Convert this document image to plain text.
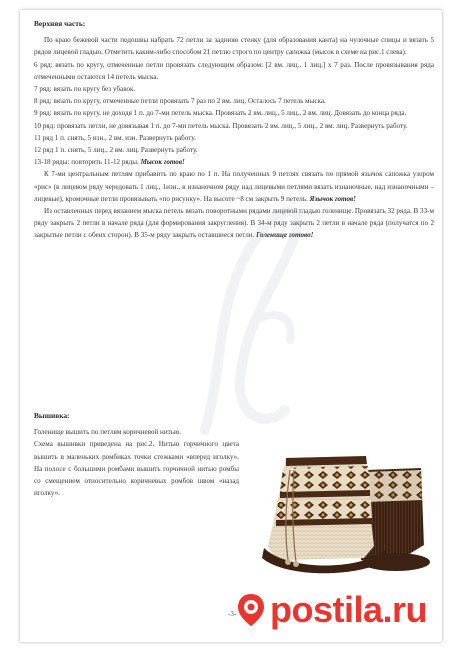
Верхняя часть:

По краю бежевой части подошвы набрать 72 петли за заднюю стенку (для образования канта) на чулочные спицы и вязать 5 рядов лицевой гладью. Отметить каким-либо способом 21 петлю строго по центру сапожка (мысок в схеме на рис.1 слева).

6 ряд: вязать по кругу, отмеченные петли провязать следующим образом: [2 вм. лиц., 1 лиц.] х 7 раз. После провязывания ряда отмеченными остаются 14 петель мыска.

7 ряд: вязать по кругу без убавок.

8 ряд: вязать по кругу, отмеченные петли провязать 7 раз по 2 вм. лиц. Осталось 7 петель мыска.

9 ряд: вязать по кругу, не доходя 1 п. до 7-ми петель мыска. Провязать 2 вм. лиц., 5 лиц., 2 вм. лиц. Довязать до конца ряда.

10 ряд: провязать петли, не довязывая 1 п. до 7-ми петель мыска. Провязать 2 вм. лиц., 5 лиц., 2 вм. лиц. Развернуть работу.

11 ряд 1 п. снять, 5 изн., 2 вм. изн. Развернуть работу.

12 ряд 1 п. снять, 5 лиц., 2 вм. лиц. Развернуть работу.

13-18 ряды: повторить 11-12 ряды. Мысок готов!

К 7-ми центральным петлям прибавить по краю по 1 п. На полученных 9 петлях связать по прямой язычок сапожка узором «рис» (в лицевом ряду чередовать 1 лиц., 1изн., в изнаночном ряду над лицевыми петлями вязать изнаночные, над изнаночными – лицевые), кромочные петли провязывать «по рисунку». На высоте ~8 см закрыть 9 петель. Язычок готов!

Из оставленных перед вязанием мыска петель вязать поворотными рядами лицевой гладью голенище. Провязать 32 ряда. В 33-м ряду закрыть 2 петли в начале ряда (для формирования закругления). В 34-м ряду закрыть 2 петли в начале ряда (получатся по 2 закрытые петли с обеих сторон). В 35-м ряду закрыть оставшиеся петли. Голенище готово!

Вышивка:

Голенище вышить по петлям коричневой нитью.

Схема вышивки приведена на рис.2. Нитью горчичного цвета вышить в маленьких ромбиках точки стежками «вперед иголку». На полосе с большими ромбами вышить горчичной нитью ромбы со смещением относительно коричневых ромбов швом «назад иголку».

-3- postila.ru
